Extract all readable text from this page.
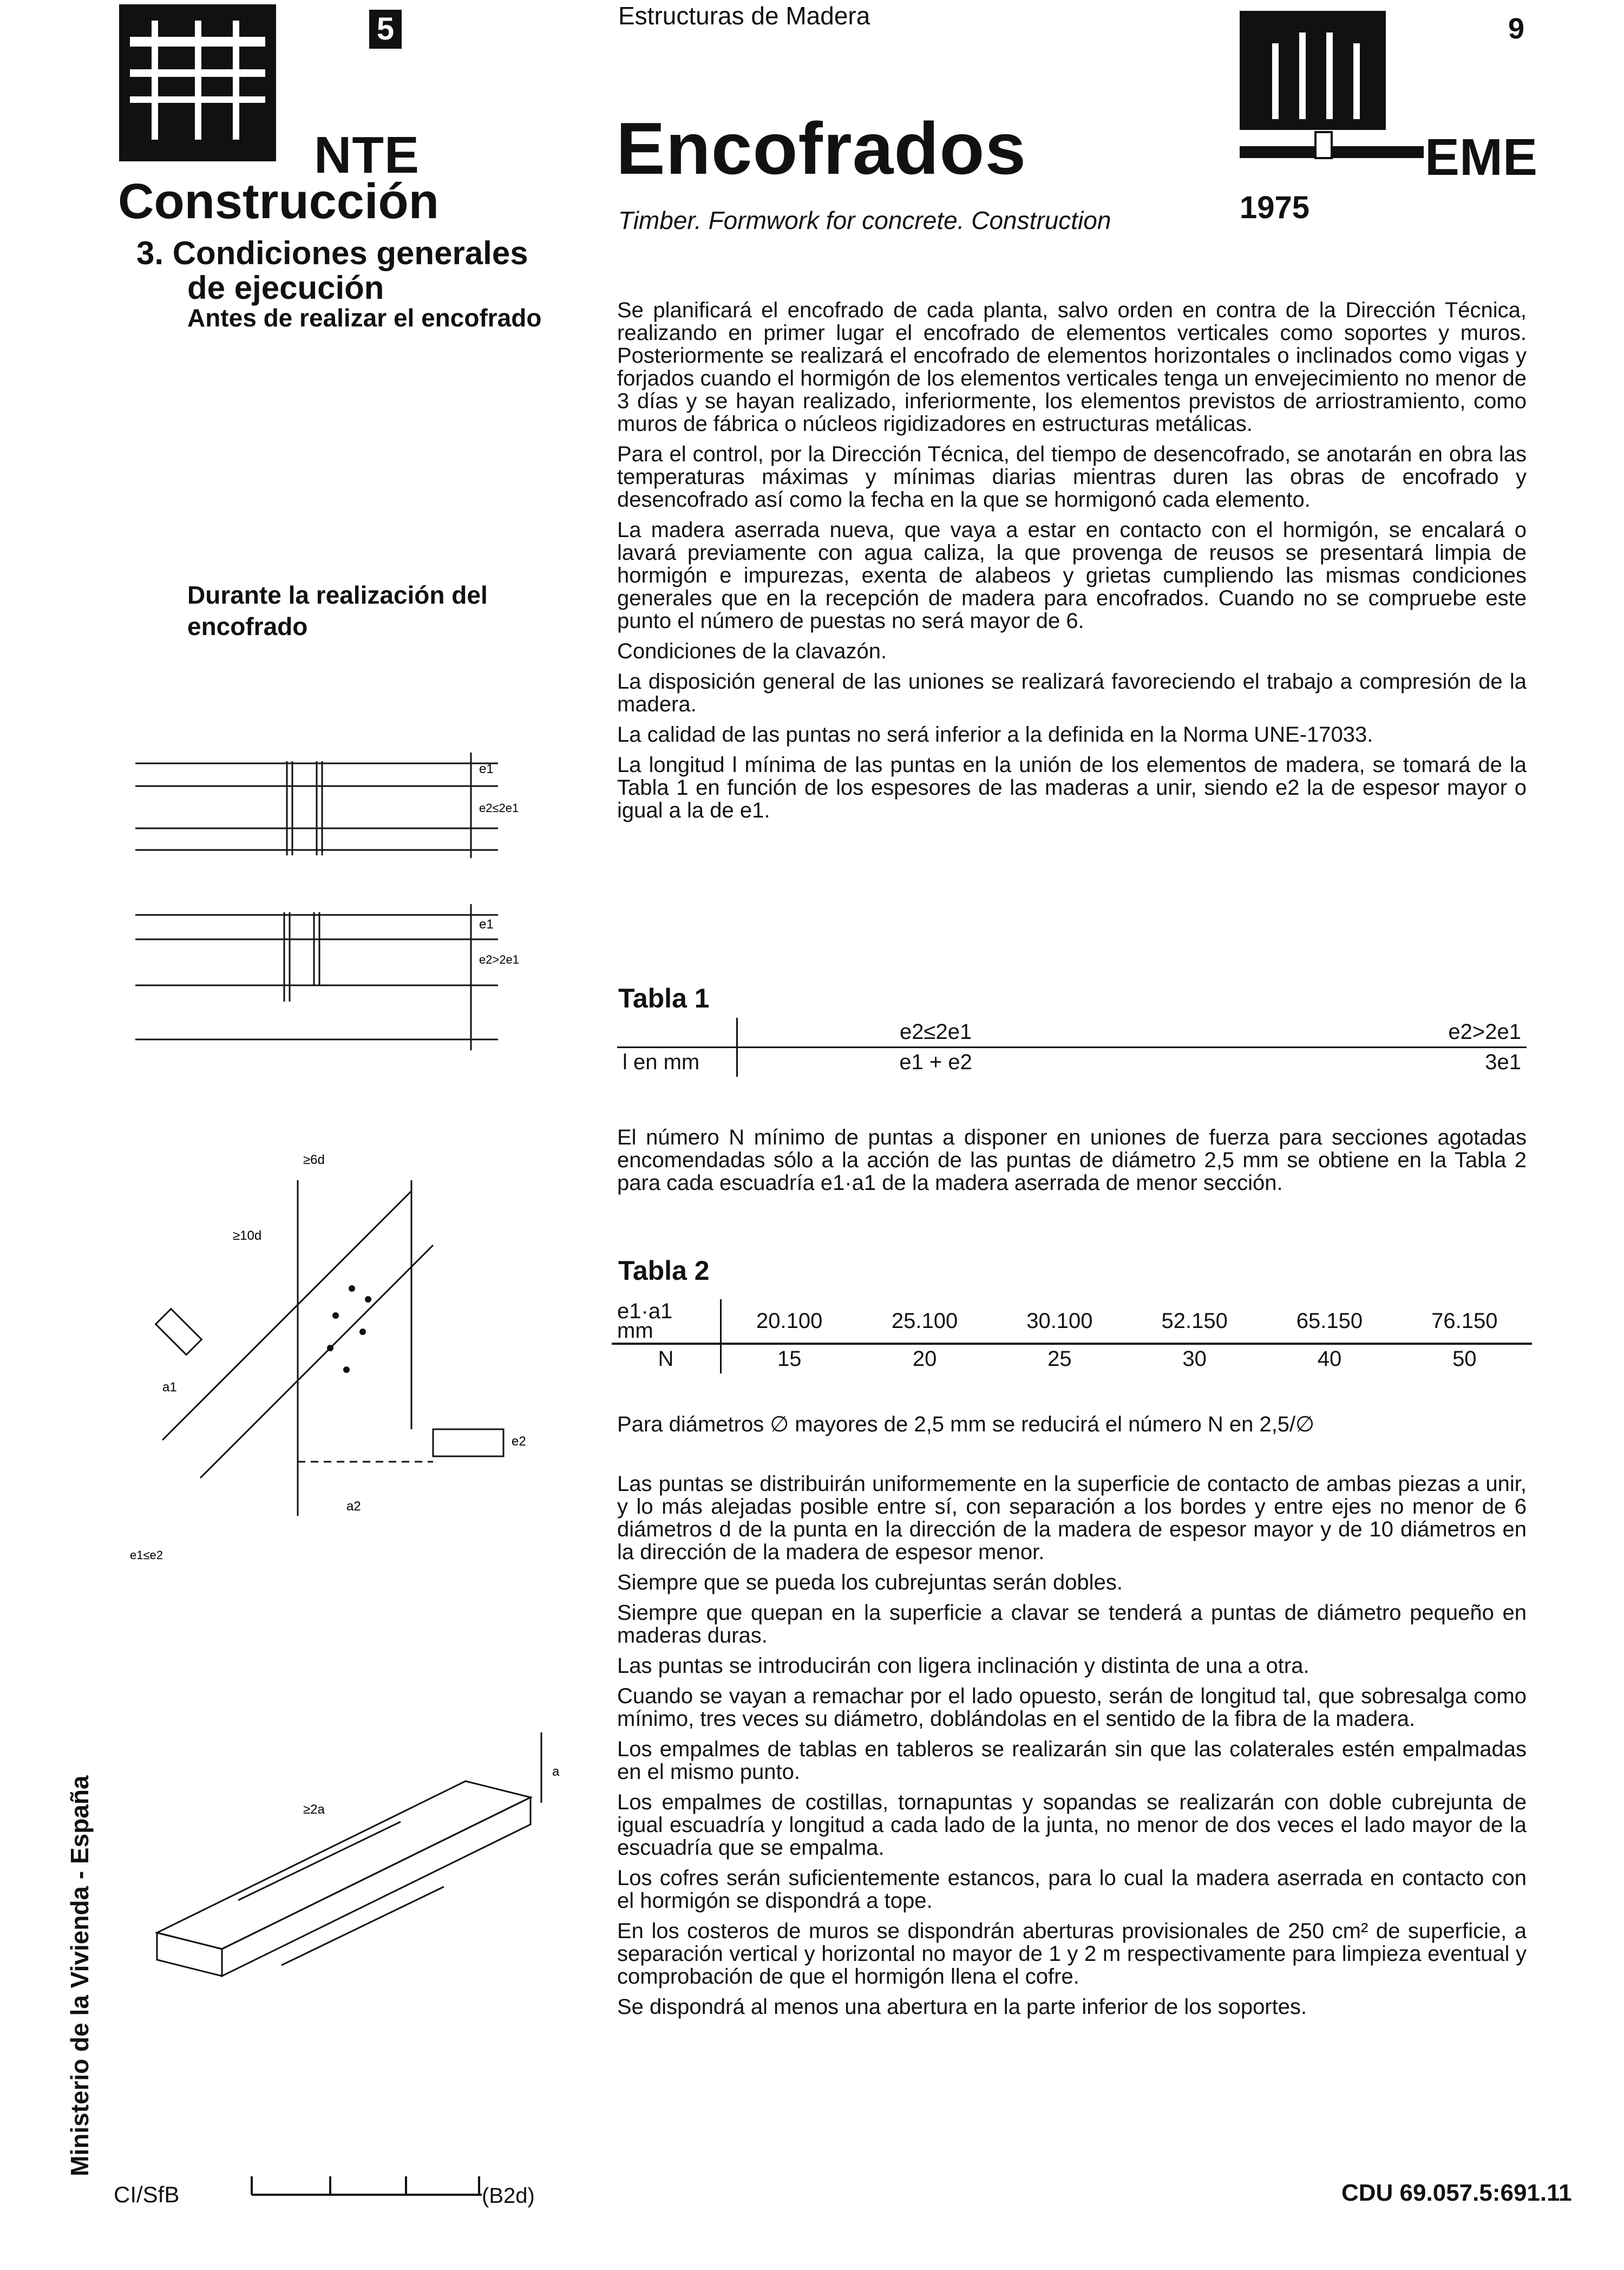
5
NTE
Construcción
Estructuras de Madera
Encofrados
Timber. Formwork for concrete. Construction
9
EME
1975
3. Condiciones generales
de ejecución
Antes de realizar el encofrado
Durante la realización del encofrado

Se planificará el encofrado de cada planta, salvo orden en contra de la Dirección Técnica, realizando en primer lugar el encofrado de elementos verticales como soportes y muros. Posteriormente se realizará el encofrado de elementos horizontales o inclinados como vigas y forjados cuando el hormigón de los elementos verticales tenga un envejecimiento no menor de 3 días y se hayan realizado, inferiormente, los elementos previstos de arriostramiento, como muros de fábrica o núcleos rigidizadores en estructuras metálicas.

Para el control, por la Dirección Técnica, del tiempo de desencofrado, se anotarán en obra las temperaturas máximas y mínimas diarias mientras duren las obras de encofrado y desencofrado así como la fecha en la que se hormigonó cada elemento.

La madera aserrada nueva, que vaya a estar en contacto con el hormigón, se encalará o lavará previamente con agua caliza, la que provenga de reusos se presentará limpia de hormigón e impurezas, exenta de alabeos y grietas cumpliendo las mismas condiciones generales que en la recepción de madera para encofrados. Cuando no se compruebe este punto el número de puestas no será mayor de 6.

Condiciones de la clavazón.

La disposición general de las uniones se realizará favoreciendo el trabajo a compresión de la madera.

La calidad de las puntas no será inferior a la definida en la Norma UNE-17033.

La longitud l mínima de las puntas en la unión de los elementos de madera, se tomará de la Tabla 1 en función de los espesores de las maderas a unir, siendo e2 la de espesor mayor o igual a la de e1.

Tabla 1
	e2≤2e1	e2>2e1
l en mm	e1 + e2	3e1
El número N mínimo de puntas a disponer en uniones de fuerza para secciones agotadas encomendadas sólo a la acción de las puntas de diámetro 2,5 mm se obtiene en la Tabla 2 para cada escuadría e1·a1 de la madera aserrada de menor sección.
Tabla 2
e1·a1
mm	20.100	25.100	30.100	52.150	65.150	76.150
N	15	20	25	30	40	50
Para diámetros ∅ mayores de 2,5 mm se reducirá el número N en 2,5/∅

Las puntas se distribuirán uniformemente en la superficie de contacto de ambas piezas a unir, y lo más alejadas posible entre sí, con separación a los bordes y entre ejes no menor de 6 diámetros d de la punta en la dirección de la madera de espesor mayor y de 10 diámetros en la dirección de la madera de espesor menor.

Siempre que se pueda los cubrejuntas serán dobles.

Siempre que quepan en la superficie a clavar se tenderá a puntas de diámetro pequeño en maderas duras.

Las puntas se introducirán con ligera inclinación y distinta de una a otra.

Cuando se vayan a remachar por el lado opuesto, serán de longitud tal, que sobresalga como mínimo, tres veces su diámetro, doblándolas en el sentido de la fibra de la madera.

Los empalmes de tablas en tableros se realizarán sin que las colaterales estén empalmadas en el mismo punto.

Los empalmes de costillas, tornapuntas y sopandas se realizarán con doble cubrejunta de igual escuadría y longitud a cada lado de la junta, no menor de dos veces el lado mayor de la escuadría que se empalma.

Los cofres serán suficientemente estancos, para lo cual la madera aserrada en contacto con el hormigón se dispondrá a tope.

En los costeros de muros se dispondrán aberturas provisionales de 250 cm² de superficie, a separación vertical y horizontal no mayor de 1 y 2 m respectivamente para limpieza eventual y comprobación de que el hormigón llena el cofre.

Se dispondrá al menos una abertura en la parte inferior de los soportes.

e1
e2≤2e1
e1
e2>2e1
≥6d
≥10d
a1
a2
e2
e1≤e2
≥2a
a
Ministerio de la Vivienda - España
CI/SfB	(B2d)	CDU 69.057.5:691.11
